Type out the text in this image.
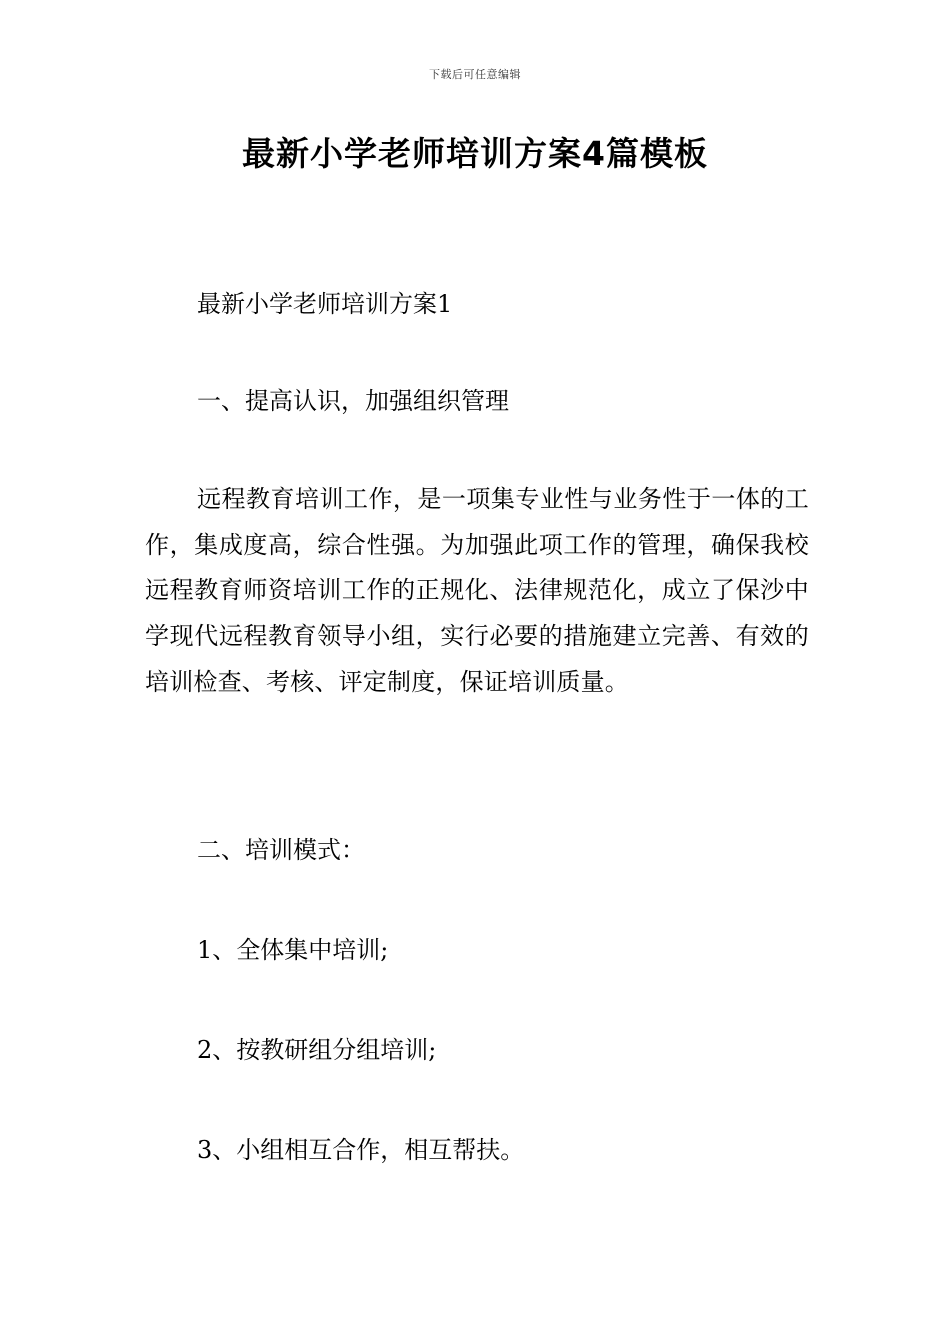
下载后可任意编辑
最新小学老师培训方案4篇模板
最新小学老师培训方案1
一、提高认识，加强组织管理
远程教育培训工作，是一项集专业性与业务性于一体的工作，集成度高，综合性强。为加强此项工作的管理，确保我校远程教育师资培训工作的正规化、法律规范化，成立了保沙中学现代远程教育领导小组，实行必要的措施建立完善、有效的培训检查、考核、评定制度，保证培训质量。
二、培训模式：
1、全体集中培训;
2、按教研组分组培训;
3、小组相互合作，相互帮扶。
